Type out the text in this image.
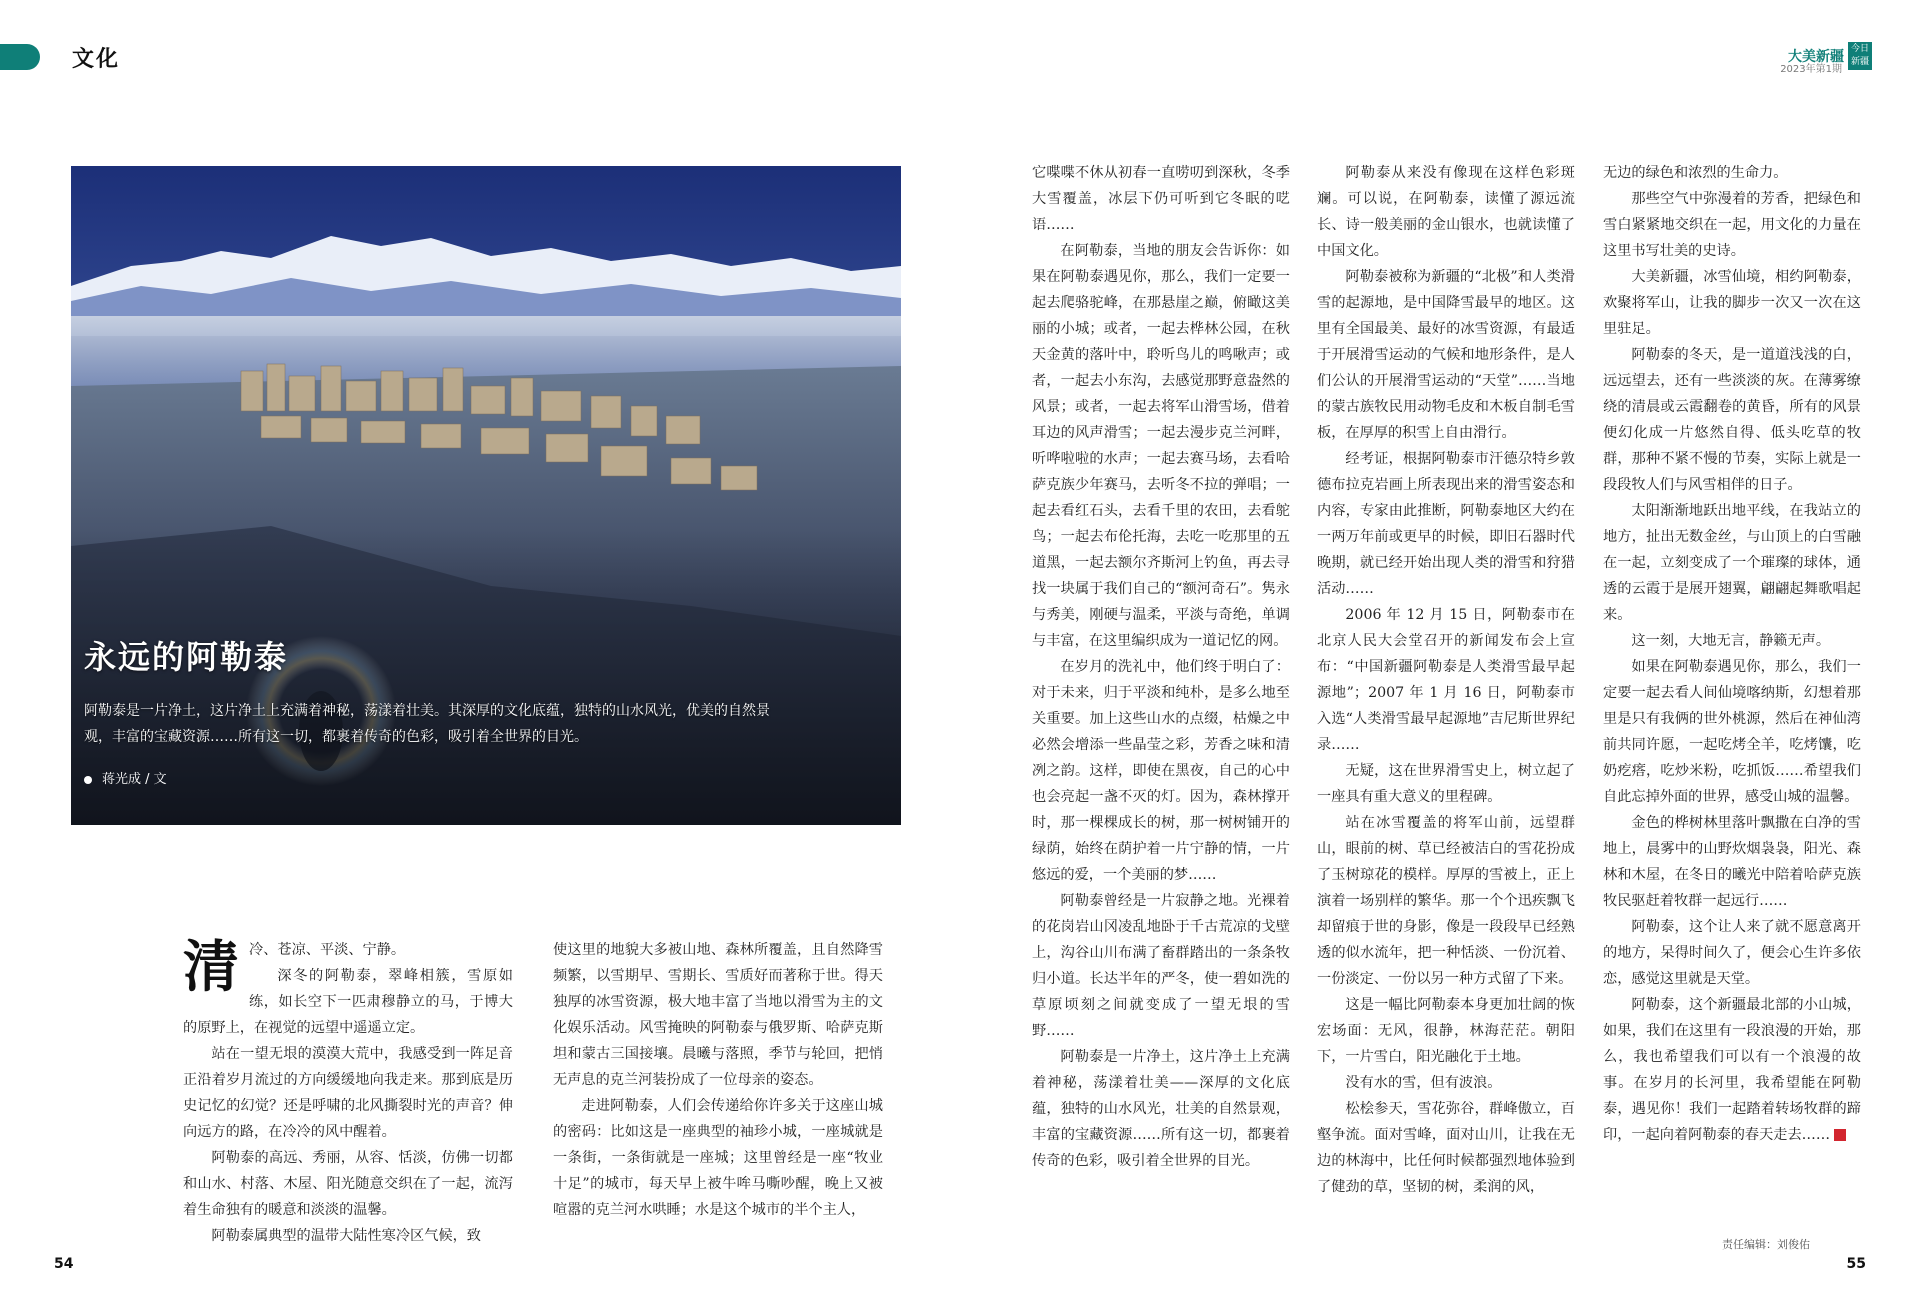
文化	大美新疆 今日新疆
2023年第1期
永远的阿勒泰
阿勒泰是一片净土，这片净土上充满着神秘，荡漾着壮美。其深厚的文化底蕴，独特的山水风光，优美的自然景观，丰富的宝藏资源……所有这一切，都裹着传奇的色彩，吸引着全世界的目光。
蒋光成 / 文
清 冷、苍凉、平淡、宁静。

深冬的阿勒泰，翠峰相簇，雪原如练，如长空下一匹肃穆静立的马，于博大的原野上，在视觉的远望中遥遥立定。

站在一望无垠的漠漠大荒中，我感受到一阵足音正沿着岁月流过的方向缓缓地向我走来。那到底是历史记忆的幻觉？还是呼啸的北风撕裂时光的声音？伸向远方的路，在冷冷的风中醒着。

阿勒泰的高远、秀丽，从容、恬淡，仿佛一切都和山水、村落、木屋、阳光随意交织在了一起，流泻着生命独有的暖意和淡淡的温馨。

阿勒泰属典型的温带大陆性寒冷区气候，致

使这里的地貌大多被山地、森林所覆盖，且自然降雪频繁，以雪期早、雪期长、雪质好而著称于世。得天独厚的冰雪资源，极大地丰富了当地以滑雪为主的文化娱乐活动。风雪掩映的阿勒泰与俄罗斯、哈萨克斯坦和蒙古三国接壤。晨曦与落照，季节与轮回，把悄无声息的克兰河装扮成了一位母亲的姿态。

走进阿勒泰，人们会传递给你许多关于这座山城的密码：比如这是一座典型的袖珍小城，一座城就是一条街，一条街就是一座城；这里曾经是一座“牧业十足”的城市，每天早上被牛哞马嘶吵醒，晚上又被喧嚣的克兰河水哄睡；水是这个城市的半个主人，

它喋喋不休从初春一直唠叨到深秋，冬季大雪覆盖，冰层下仍可听到它冬眠的呓语……

在阿勒泰，当地的朋友会告诉你：如果在阿勒泰遇见你，那么，我们一定要一起去爬骆驼峰，在那悬崖之巅，俯瞰这美丽的小城；或者，一起去桦林公园，在秋天金黄的落叶中，聆听鸟儿的鸣啾声；或者，一起去小东沟，去感觉那野意盎然的风景；或者，一起去将军山滑雪场，借着耳边的风声滑雪；一起去漫步克兰河畔，听哗啦啦的水声；一起去赛马场，去看哈萨克族少年赛马，去听冬不拉的弹唱；一起去看红石头，去看千里的农田，去看鸵鸟；一起去布伦托海，去吃一吃那里的五道黑，一起去额尔齐斯河上钓鱼，再去寻找一块属于我们自己的“额河奇石”。隽永与秀美，刚硬与温柔，平淡与奇绝，单调与丰富，在这里编织成为一道记忆的网。

在岁月的洗礼中，他们终于明白了：对于未来，归于平淡和纯朴，是多么地至关重要。加上这些山水的点缀，枯燥之中必然会增添一些晶莹之彩，芳香之味和清冽之韵。这样，即使在黑夜，自己的心中也会亮起一盏不灭的灯。因为，森林撑开时，那一棵棵成长的树，那一树树铺开的绿荫，始终在荫护着一片宁静的情，一片悠远的爱，一个美丽的梦……

阿勒泰曾经是一片寂静之地。光裸着的花岗岩山冈凌乱地卧于千古荒凉的戈壁上，沟谷山川布满了畜群踏出的一条条牧归小道。长达半年的严冬，使一碧如洗的草原顷刻之间就变成了一望无垠的雪野……

阿勒泰是一片净土，这片净土上充满着神秘，荡漾着壮美——深厚的文化底蕴，独特的山水风光，壮美的自然景观，丰富的宝藏资源……所有这一切，都裹着传奇的色彩，吸引着全世界的目光。

阿勒泰从来没有像现在这样色彩斑斓。可以说，在阿勒泰，读懂了源远流长、诗一般美丽的金山银水，也就读懂了中国文化。

阿勒泰被称为新疆的“北极”和人类滑雪的起源地，是中国降雪最早的地区。这里有全国最美、最好的冰雪资源，有最适于开展滑雪运动的气候和地形条件，是人们公认的开展滑雪运动的“天堂”……当地的蒙古族牧民用动物毛皮和木板自制毛雪板，在厚厚的积雪上自由滑行。

经考证，根据阿勒泰市汗德尕特乡敦德布拉克岩画上所表现出来的滑雪姿态和内容，专家由此推断，阿勒泰地区大约在一两万年前或更早的时候，即旧石器时代晚期，就已经开始出现人类的滑雪和狩猎活动……

2006 年 12 月 15 日，阿勒泰市在北京人民大会堂召开的新闻发布会上宣布：“中国新疆阿勒泰是人类滑雪最早起源地”；2007 年 1 月 16 日，阿勒泰市入选“人类滑雪最早起源地”吉尼斯世界纪录……

无疑，这在世界滑雪史上，树立起了一座具有重大意义的里程碑。

站在冰雪覆盖的将军山前，远望群山，眼前的树、草已经被洁白的雪花扮成了玉树琼花的模样。厚厚的雪被上，正上演着一场别样的繁华。那一个个迅疾飘飞却留痕于世的身影，像是一段段早已经熟透的似水流年，把一种恬淡、一份沉着、一份淡定、一份以另一种方式留了下来。

这是一幅比阿勒泰本身更加壮阔的恢宏场面：无风，很静，林海茫茫。朝阳下，一片雪白，阳光融化于土地。

没有水的雪，但有波浪。

松桧参天，雪花弥谷，群峰傲立，百壑争流。面对雪峰，面对山川，让我在无边的林海中，比任何时候都强烈地体验到了健劲的草，坚韧的树，柔润的风，

无边的绿色和浓烈的生命力。

那些空气中弥漫着的芳香，把绿色和雪白紧紧地交织在一起，用文化的力量在这里书写壮美的史诗。

大美新疆，冰雪仙境，相约阿勒泰，欢聚将军山，让我的脚步一次又一次在这里驻足。

阿勒泰的冬天，是一道道浅浅的白，远远望去，还有一些淡淡的灰。在薄雾缭绕的清晨或云霞翻卷的黄昏，所有的风景便幻化成一片悠然自得、低头吃草的牧群，那种不紧不慢的节奏，实际上就是一段段牧人们与风雪相伴的日子。

太阳渐渐地跃出地平线，在我站立的地方，扯出无数金丝，与山顶上的白雪融在一起，立刻变成了一个璀璨的球体，通透的云霞于是展开翅翼，翩翩起舞歌唱起来。

这一刻，大地无言，静籁无声。

如果在阿勒泰遇见你，那么，我们一定要一起去看人间仙境喀纳斯，幻想着那里是只有我俩的世外桃源，然后在神仙湾前共同许愿，一起吃烤全羊，吃烤馕，吃奶疙瘩，吃炒米粉，吃抓饭……希望我们自此忘掉外面的世界，感受山城的温馨。

金色的桦树林里落叶飘撒在白净的雪地上，晨雾中的山野炊烟袅袅，阳光、森林和木屋，在冬日的曦光中陪着哈萨克族牧民驱赶着牧群一起远行……

阿勒泰，这个让人来了就不愿意离开的地方，呆得时间久了，便会心生许多依恋，感觉这里就是天堂。

阿勒泰，这个新疆最北部的小山城，如果，我们在这里有一段浪漫的开始，那么，我也希望我们可以有一个浪漫的故事。在岁月的长河里，我希望能在阿勒泰，遇见你！我们一起踏着转场牧群的蹄印，一起向着阿勒泰的春天走去……

54
责任编辑：刘俊佑
55
